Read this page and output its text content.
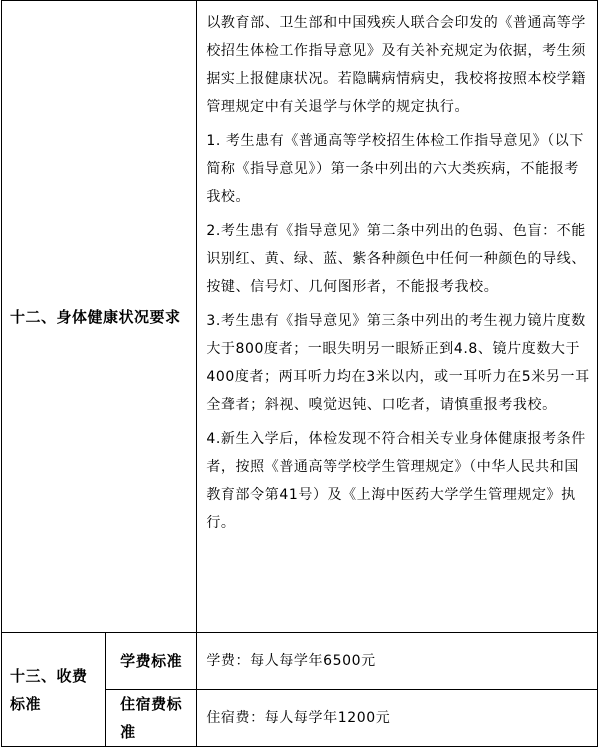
十二、身体健康状况要求		以教育部、卫生部和中国残疾人联合会印发的《普通高等学校招生体检工作指导意见》及有关补充规定为依据，考生须据实上报健康状况。若隐瞒病情病史，我校将按照本校学籍管理规定中有关退学与休学的规定执行。

1. 考生患有《普通高等学校招生体检工作指导意见》（以下简称《指导意见》）第一条中列出的六大类疾病，不能报考我校。

2.考生患有《指导意见》第二条中列出的色弱、色盲：不能识别红、黄、绿、蓝、紫各种颜色中任何一种颜色的导线、按键、信号灯、几何图形者，不能报考我校。

3.考生患有《指导意见》第三条中列出的考生视力镜片度数大于800度者；一眼失明另一眼矫正到4.8、镜片度数大于400度者；两耳听力均在3米以内，或一耳听力在5米另一耳全聋者；斜视、嗅觉迟钝、口吃者，请慎重报考我校。

4.新生入学后，体检发现不符合相关专业身体健康报考条件者，按照《普通高等学校学生管理规定》（中华人民共和国教育部令第41号）及《上海中医药大学学生管理规定》执行。

十三、收费标准	学费标准	学费：每人每学年6500元
	住宿费标准	住宿费：每人每学年1200元
